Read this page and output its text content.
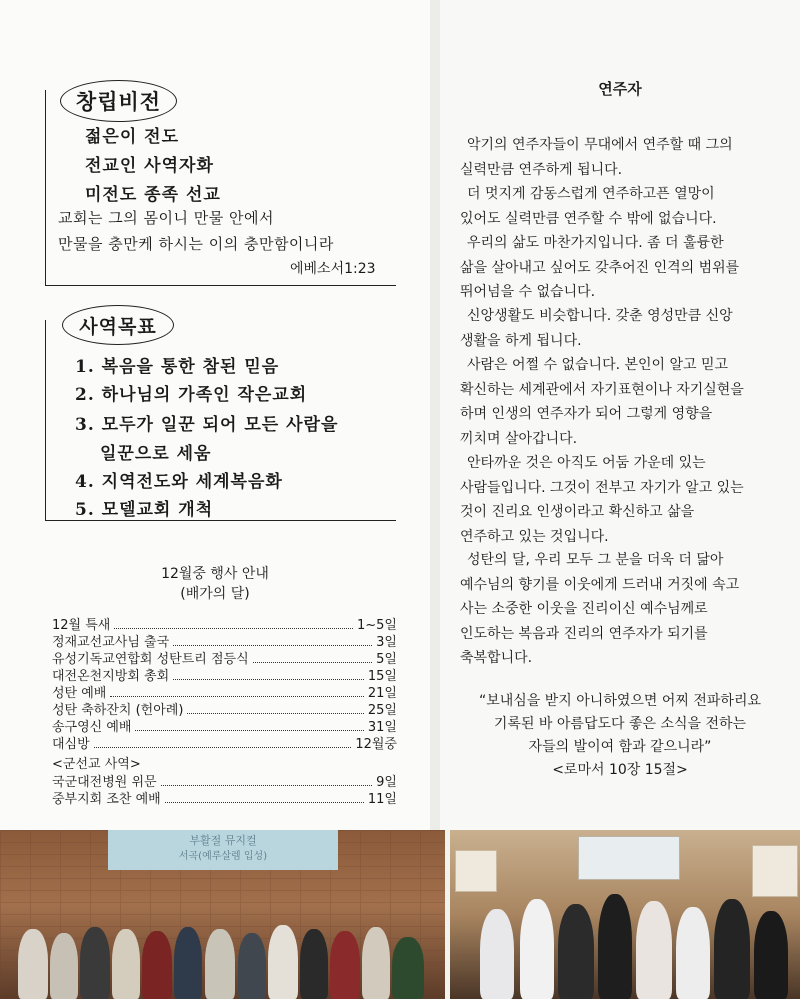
창립비전
젊은이 전도
전교인 사역자화
미전도 종족 선교
교회는 그의 몸이니 만물 안에서
만물을 충만케 하시는 이의 충만함이니라
에베소서1:23
사역목표
1. 복음을 통한 참된 믿음
2. 하나님의 가족인 작은교회
3. 모두가 일꾼 되어 모든 사람을
일꾼으로 세움
4. 지역전도와 세계복음화
5. 모델교회 개척
12월중 행사 안내
(배가의 달)
12월 특새	1~5일
정재교선교사님 출국	3일
유성기독교연합회 성탄트리 점등식	5일
대전온천지방회 총회	15일
성탄 예배	21일
성탄 축하잔치 (헌아례)	25일
송구영신 예배	31일
대심방	12월중
<군선교 사역>
국군대전병원 위문	9일
중부지회 조찬 예배	11일
연주자
악기의 연주자들이 무대에서 연주할 때 그의
실력만큼 연주하게 됩니다.
더 멋지게 감동스럽게 연주하고픈 열망이
있어도 실력만큼 연주할 수 밖에 없습니다.
우리의 삶도 마찬가지입니다. 좀 더 훌륭한
삶을 살아내고 싶어도 갖추어진 인격의 범위를
뛰어넘을 수 없습니다.
신앙생활도 비슷합니다. 갖춘 영성만큼 신앙
생활을 하게 됩니다.
사람은 어쩔 수 없습니다. 본인이 알고 믿고
확신하는 세계관에서 자기표현이나 자기실현을
하며 인생의 연주자가 되어 그렇게 영향을
끼치며 살아갑니다.
안타까운 것은 아직도 어둠 가운데 있는
사람들입니다. 그것이 전부고 자기가 알고 있는
것이 진리요 인생이라고 확신하고 삶을
연주하고 있는 것입니다.
성탄의 달, 우리 모두 그 분을 더욱 더 닮아
예수님의 향기를 이웃에게 드러내 거짓에 속고
사는 소중한 이웃을 진리이신 예수님께로
인도하는 복음과 진리의 연주자가 되기를
축복합니다.
“보내심을 받지 아니하였으면 어찌 전파하리요
기록된 바 아름답도다 좋은 소식을 전하는
자들의 발이여 함과 같으니라”
<로마서 10장 15절>
부활절 뮤지컬
서곡(예루살렘 입성)
